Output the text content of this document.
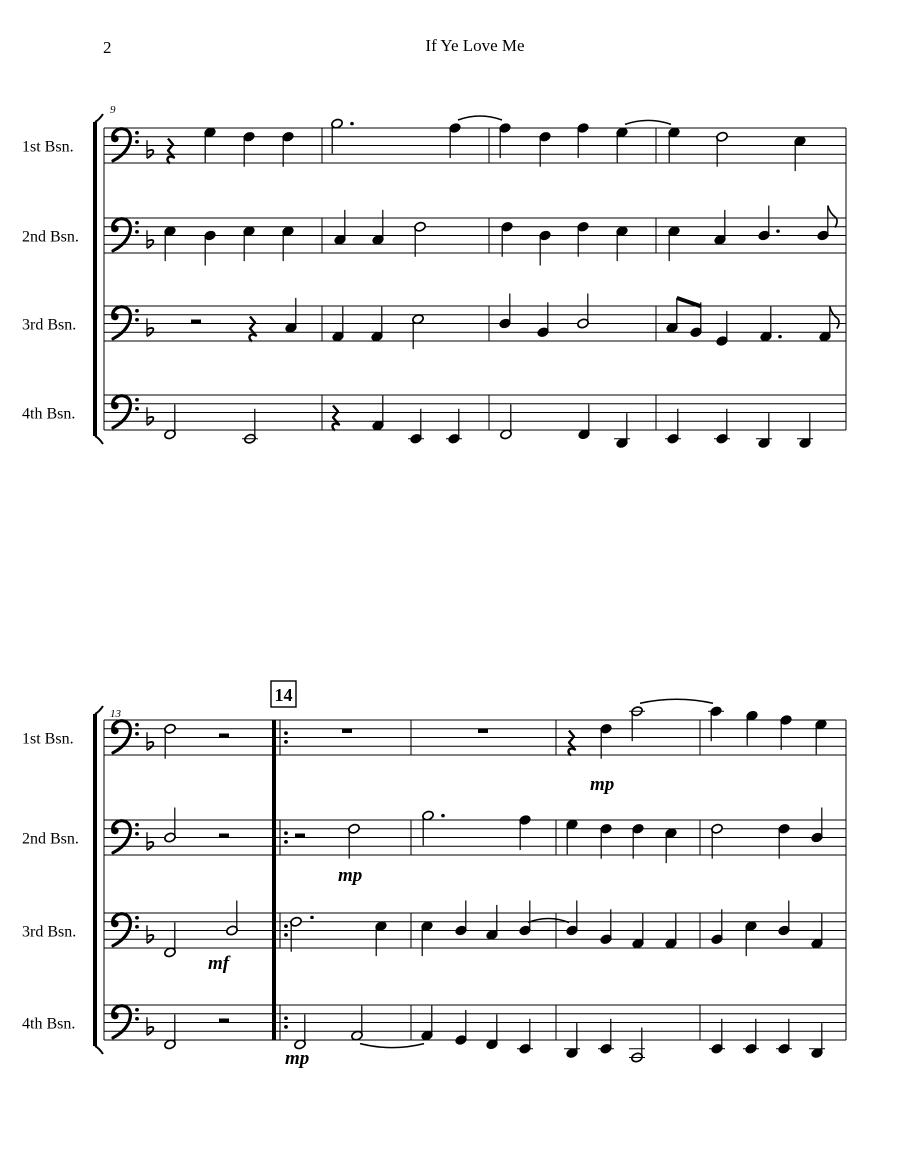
2	If Ye Love Me
1st Bsn.
2nd Bsn.
3rd Bsn.
4th Bsn.
9
1st Bsn.
2nd Bsn.
3rd Bsn.
4th Bsn.
13
14
mf
mp
mp
mp
